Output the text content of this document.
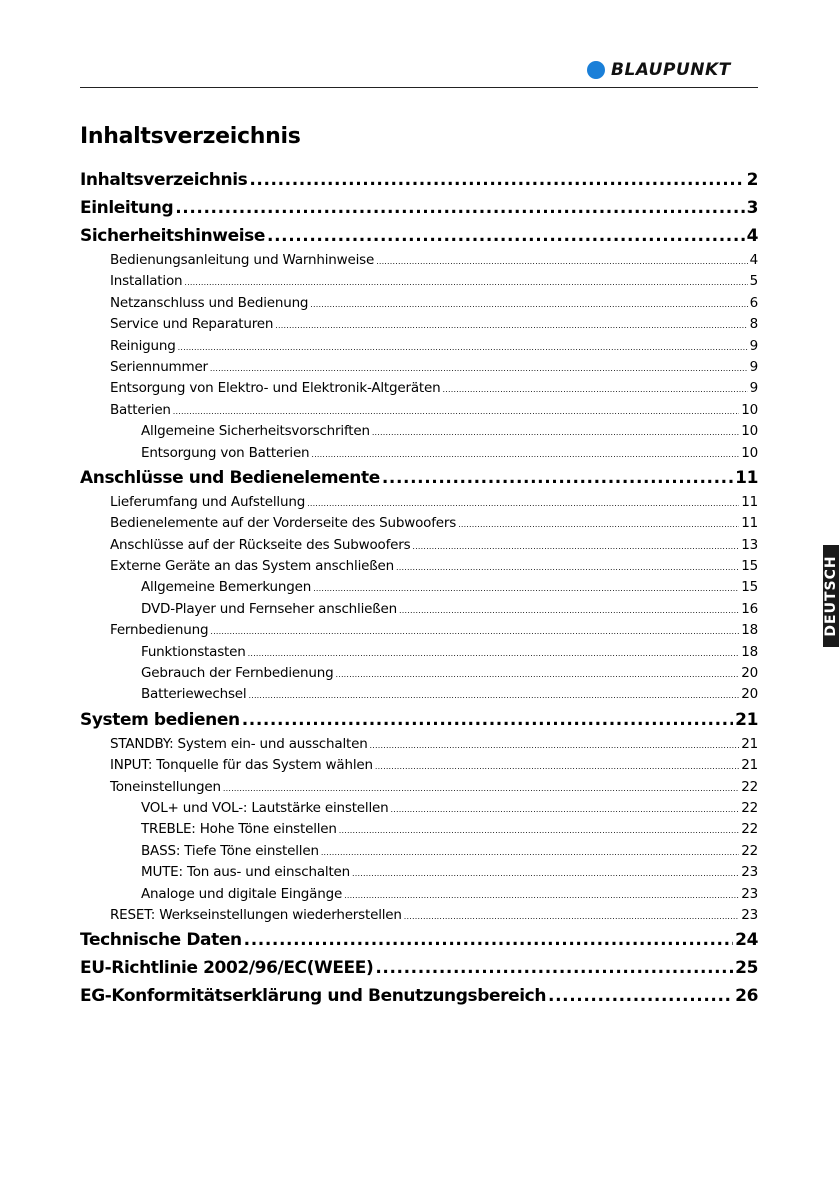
BLAUPUNKT
Inhaltsverzeichnis
Inhaltsverzeichnis .....	2
Einleitung .....	3
Sicherheitshinweise .....	4
Bedienungsanleitung und Warnhinweise .....	4
Installation .....	5
Netzanschluss und Bedienung .....	6
Service und Reparaturen .....	8
Reinigung .....	9
Seriennummer .....	9
Entsorgung von Elektro- und Elektronik-Altgeräten .....	9
Batterien .....	10
Allgemeine Sicherheitsvorschriften .....	10
Entsorgung von Batterien .....	10
Anschlüsse und Bedienelemente .....	11
Lieferumfang und Aufstellung .....	11
Bedienelemente auf der Vorderseite des Subwoofers .....	11
Anschlüsse auf der Rückseite des Subwoofers .....	13
Externe Geräte an das System anschließen .....	15
Allgemeine Bemerkungen .....	15
DVD-Player und Fernseher anschließen .....	16
Fernbedienung .....	18
Funktionstasten .....	18
Gebrauch der Fernbedienung .....	20
Batteriewechsel .....	20
System bedienen .....	21
STANDBY: System ein- und ausschalten .....	21
INPUT: Tonquelle für das System wählen .....	21
Toneinstellungen .....	22
VOL+ und VOL-: Lautstärke einstellen .....	22
TREBLE: Hohe Töne einstellen .....	22
BASS: Tiefe Töne einstellen .....	22
MUTE: Ton aus- und einschalten .....	23
Analoge und digitale Eingänge .....	23
RESET: Werkseinstellungen wiederherstellen .....	23
Technische Daten .....	24
EU-Richtlinie 2002/96/EC(WEEE) .....	25
EG-Konformitätserklärung und Benutzungsbereich .....	26
DEUTSCH
